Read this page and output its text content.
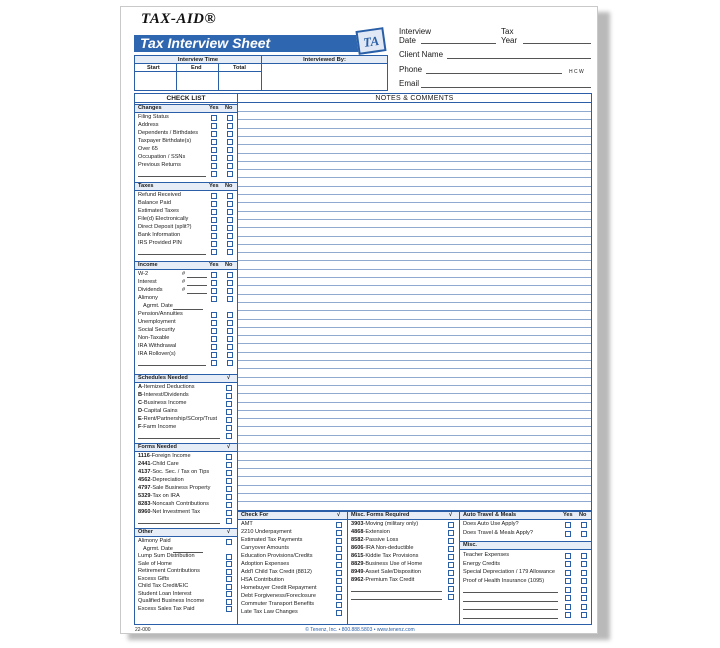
TAX-AID®
Tax Interview Sheet	TA
Interview
Date
Tax
Year
Client Name
Phone	H C W
Email
Interview Time	Interviewed By:
Start	End	Total
CHECK LIST	NOTES & COMMENTS
22-000	© Tenenz, Inc. • 800.888.5803 • www.tenenz.com
Changes	Yes No
Filing Status
Address
Dependents / Birthdates
Taxpayer Birthdate(s)
Over 65
Occupation / SSNs
Previous Returns
Taxes	Yes No
Refund Received
Balance Paid
Estimated Taxes
File(d) Electronically
Direct Deposit (split?)
Bank Information
IRS Provided PIN
Income	Yes No
W-2	#
Interest	#
Dividends	#
Alimony
Agrmt. Date
Pension/Annuities
Unemployment
Social Security
Non-Taxable
IRA Withdrawal
IRA Rollover(s)
Schedules Needed	√
A-Itemized Deductions
B-Interest/Dividends
C-Business Income
D-Capital Gains
E-Rent/Partnership/SCorp/Trust
F-Farm Income
Forms Needed	√
1116-Foreign Income
2441-Child Care
4137-Soc. Sec. / Tax on Tips
4562-Depreciation
4797-Sale Business Property
5329-Tax on IRA
8283-Noncash Contributions
8960-Net Investment Tax
Other	√
Alimony Paid
Agrmt. Date
Lump Sum Distribution
Sale of Home
Retirement Contributions
Excess Gifts
Child Tax Credit/EIC
Student Loan Interest
Qualified Business Income
Excess Sales Tax Paid
Check For	√
AMT
2210 Underpayment
Estimated Tax Payments
Carryover Amounts
Education Provisions/Credits
Adoption Expenses
Add'l Child Tax Credit (8812)
HSA Contribution
Homebuyer Credit Repayment
Debt Forgiveness/Foreclosure
Commuter Transport Benefits
Late Tax Law Changes
Misc. Forms Required	√
3903-Moving (military only)
4868-Extension
8582-Passive Loss
8606-IRA Non-deductible
8615-Kiddie Tax Provisions
8829-Business Use of Home
8949-Asset Sale/Disposition
8962-Premium Tax Credit
Auto Travel & Meals	Yes No
Does Auto Use Apply?
Does Travel & Meals Apply?
Misc.
Teacher Expenses
Energy Credits
Special Depreciation / 179 Allowance
Proof of Health Insurance (1095)
